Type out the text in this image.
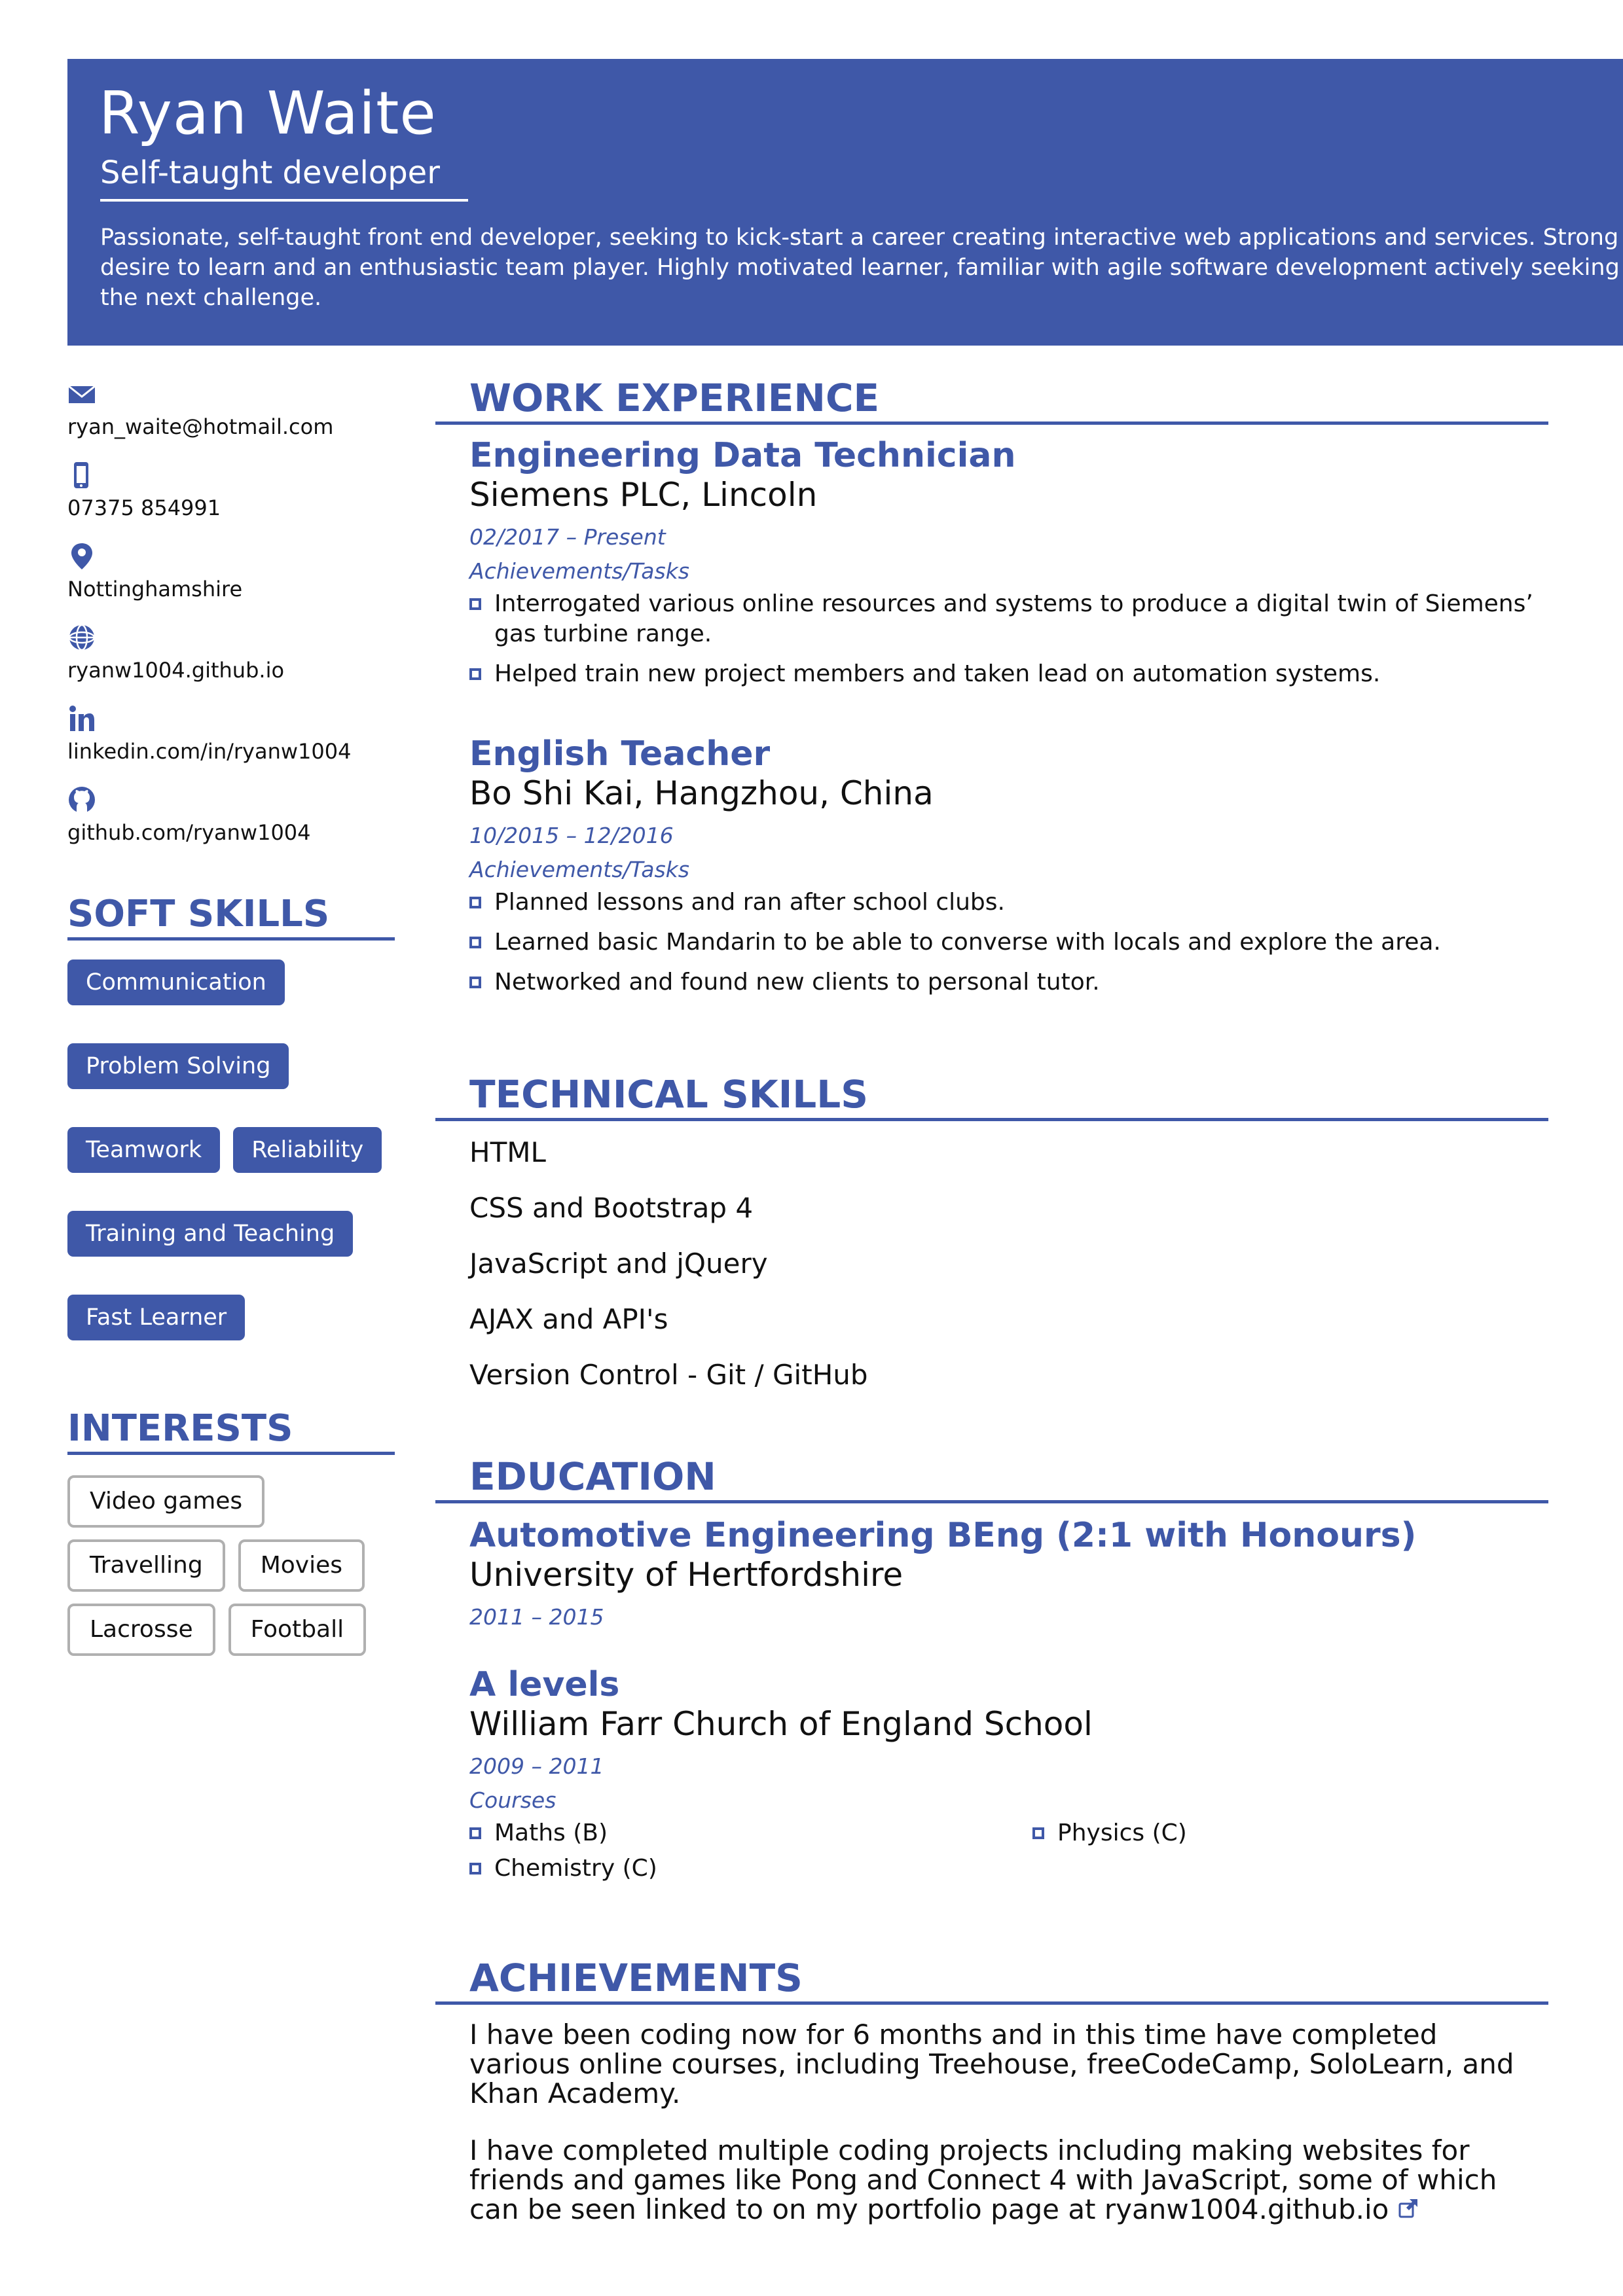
Ryan Waite
Self-taught developer
Passionate, self-taught front end developer, seeking to kick-start a career creating interactive web applications and services. Strong desire to learn and an enthusiastic team player. Highly motivated learner, familiar with agile software development actively seeking the next challenge.
ryan_waite@hotmail.com
07375 854991
Nottinghamshire
ryanw1004.github.io
linkedin.com/in/ryanw1004
github.com/ryanw1004
SOFT SKILLS
Communication
Problem Solving
Teamwork	Reliability
Training and Teaching
Fast Learner
INTERESTS
Video games
Travelling	Movies
Lacrosse	Football
WORK EXPERIENCE
Engineering Data Technician
Siemens PLC, Lincoln
02/2017 – Present
Achievements/Tasks
Interrogated various online resources and systems to produce a digital twin of Siemens’ gas turbine range.
Helped train new project members and taken lead on automation systems.
English Teacher
Bo Shi Kai, Hangzhou, China
10/2015 – 12/2016
Achievements/Tasks
Planned lessons and ran after school clubs.
Learned basic Mandarin to be able to converse with locals and explore the area.
Networked and found new clients to personal tutor.
TECHNICAL SKILLS
HTML
CSS and Bootstrap 4
JavaScript and jQuery
AJAX and API's
Version Control - Git / GitHub
EDUCATION
Automotive Engineering BEng (2:1 with Honours)
University of Hertfordshire
2011 – 2015
A levels
William Farr Church of England School
2009 – 2011
Courses
Maths (B)	Physics (C)
Chemistry (C)
ACHIEVEMENTS

I have been coding now for 6 months and in this time have completed various online courses, including Treehouse, freeCodeCamp, SoloLearn, and Khan Academy.

I have completed multiple coding projects including making websites for friends and games like Pong and Connect 4 with JavaScript, some of which can be seen linked to on my portfolio page at ryanw1004.github.io
